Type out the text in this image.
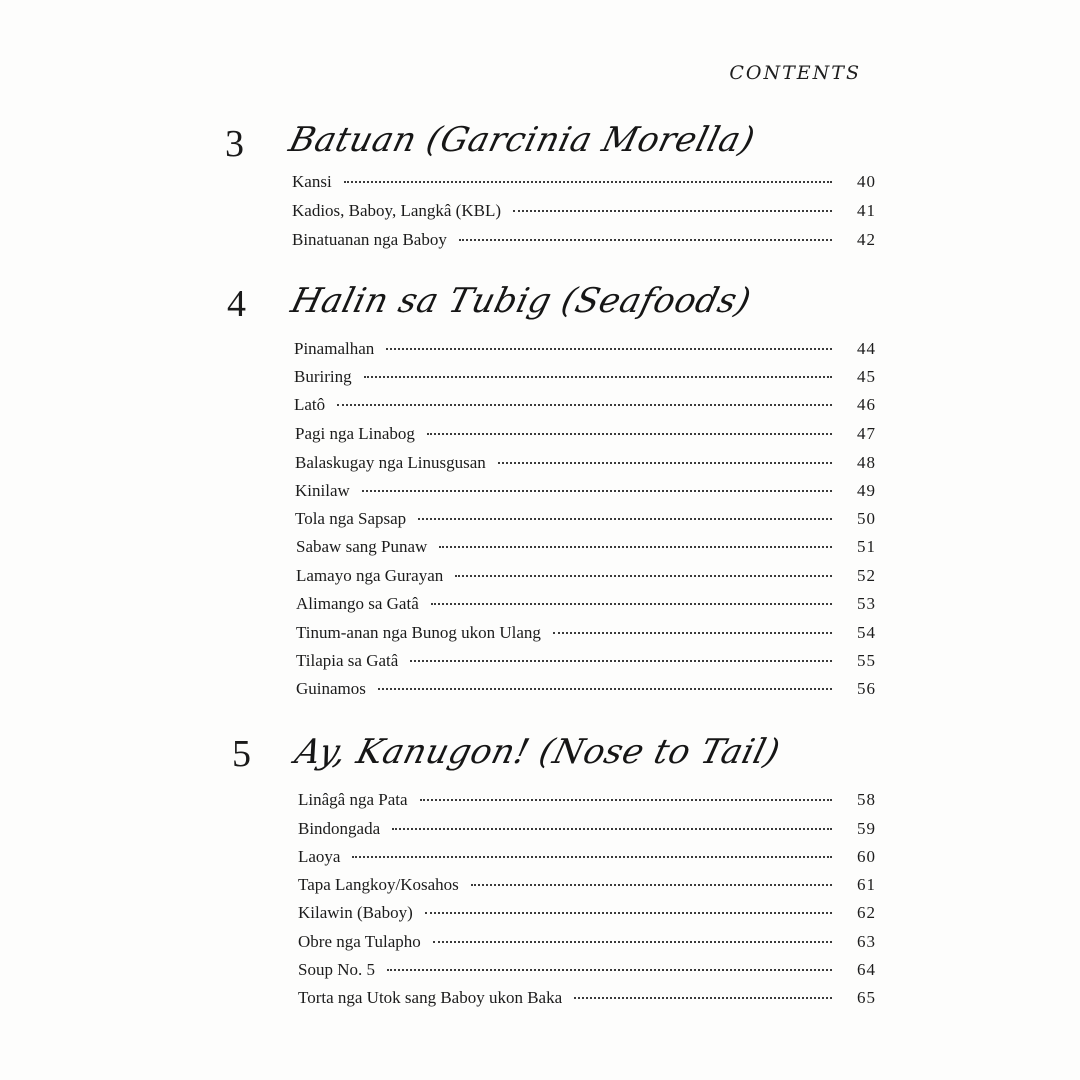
CONTENTS
3 Batuan (Garcinia Morella)
Kansi	40
Kadios, Baboy, Langkâ (KBL)	41
Binatuanan nga Baboy	42
4 Halin sa Tubig (Seafoods)
Pinamalhan	44
Buriring	45
Latô	46
Pagi nga Linabog	47
Balaskugay nga Linusgusan	48
Kinilaw	49
Tola nga Sapsap	50
Sabaw sang Punaw	51
Lamayo nga Gurayan	52
Alimango sa Gatâ	53
Tinum-anan nga Bunog ukon Ulang	54
Tilapia sa Gatâ	55
Guinamos	56
5 Ay, Kanugon! (Nose to Tail)
Linâgâ nga Pata	58
Bindongada	59
Laoya	60
Tapa Langkoy/Kosahos	61
Kilawin (Baboy)	62
Obre nga Tulapho	63
Soup No. 5	64
Torta nga Utok sang Baboy ukon Baka	65
